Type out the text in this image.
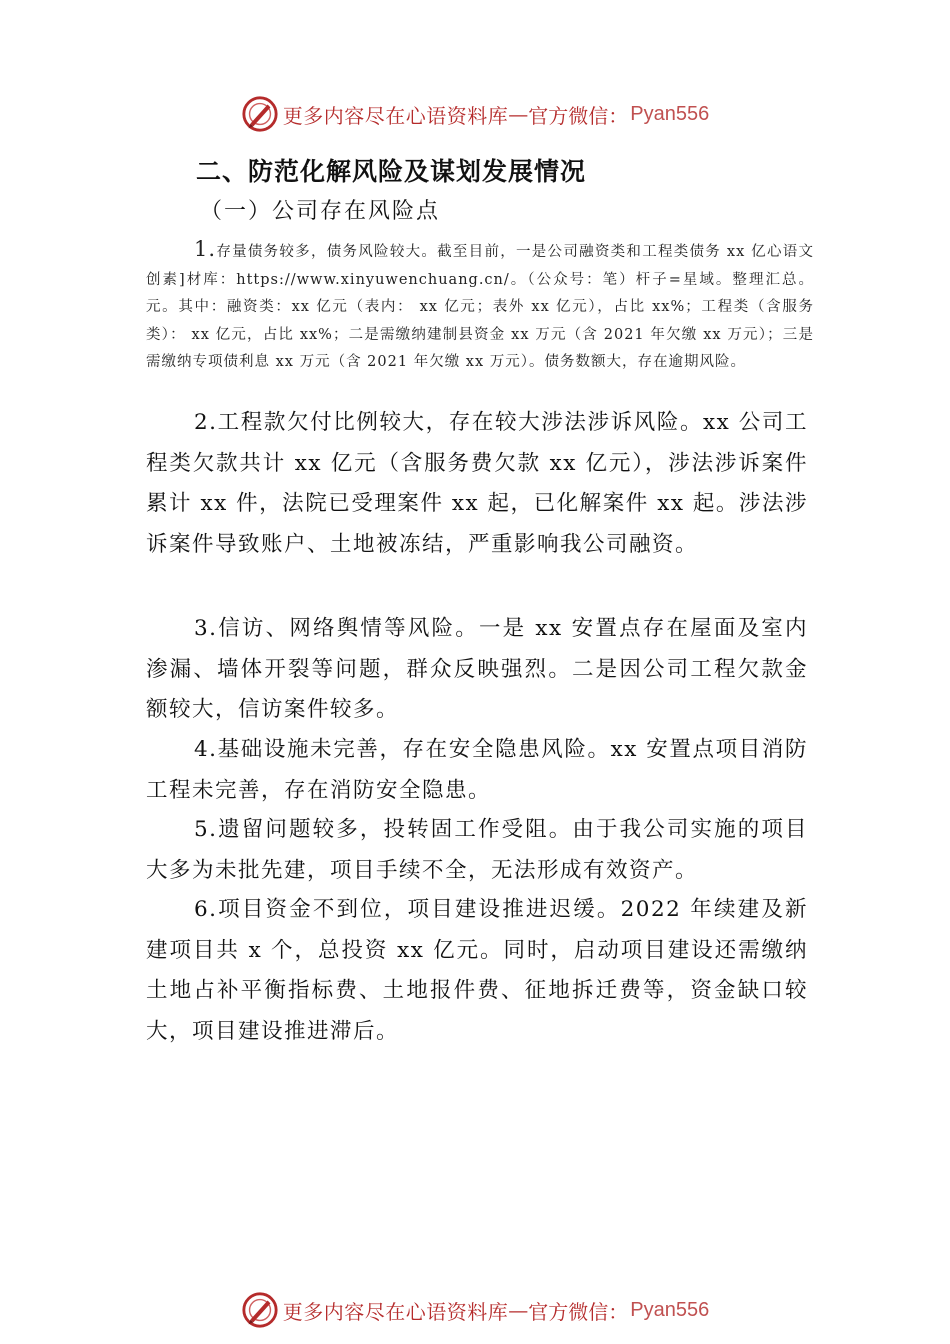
更多内容尽在心语资料库 — 官方微信： Pyan556
二、防范化解风险及谋划发展情况
（一）公司存在风险点
1.存量债务较多，债务风险较大。截至目前，一是公司融资类和工程类债务 xx 亿心语文创素]材库：https://www.xinyuwenchuang.cn/。（公众号：笔）杆子=星域。整理汇总。元。其中：融资类：xx 亿元（表内： xx 亿元；表外 xx 亿元），占比 xx%；工程类（含服务类）： xx 亿元，占比 xx%；二是需缴纳建制县资金 xx 万元（含 2021 年欠缴 xx 万元）；三是需缴纳专项债利息 xx 万元（含 2021 年欠缴 xx 万元）。债务数额大，存在逾期风险。
2.工程款欠付比例较大，存在较大涉法涉诉风险。xx 公司工程类欠款共计 xx 亿元（含服务费欠款 xx 亿元），涉法涉诉案件累计 xx 件，法院已受理案件 xx 起，已化解案件 xx 起。涉法涉诉案件导致账户、土地被冻结，严重影响我公司融资。
3.信访、网络舆情等风险。一是 xx 安置点存在屋面及室内渗漏、墙体开裂等问题，群众反映强烈。二是因公司工程欠款金额较大，信访案件较多。
4.基础设施未完善，存在安全隐患风险。xx 安置点项目消防工程未完善，存在消防安全隐患。
5.遗留问题较多，投转固工作受阻。由于我公司实施的项目大多为未批先建，项目手续不全，无法形成有效资产。
6.项目资金不到位，项目建设推进迟缓。2022 年续建及新建项目共 x 个，总投资 xx 亿元。同时，启动项目建设还需缴纳土地占补平衡指标费、土地报件费、征地拆迁费等，资金缺口较大，项目建设推进滞后。
更多内容尽在心语资料库 — 官方微信： Pyan556
